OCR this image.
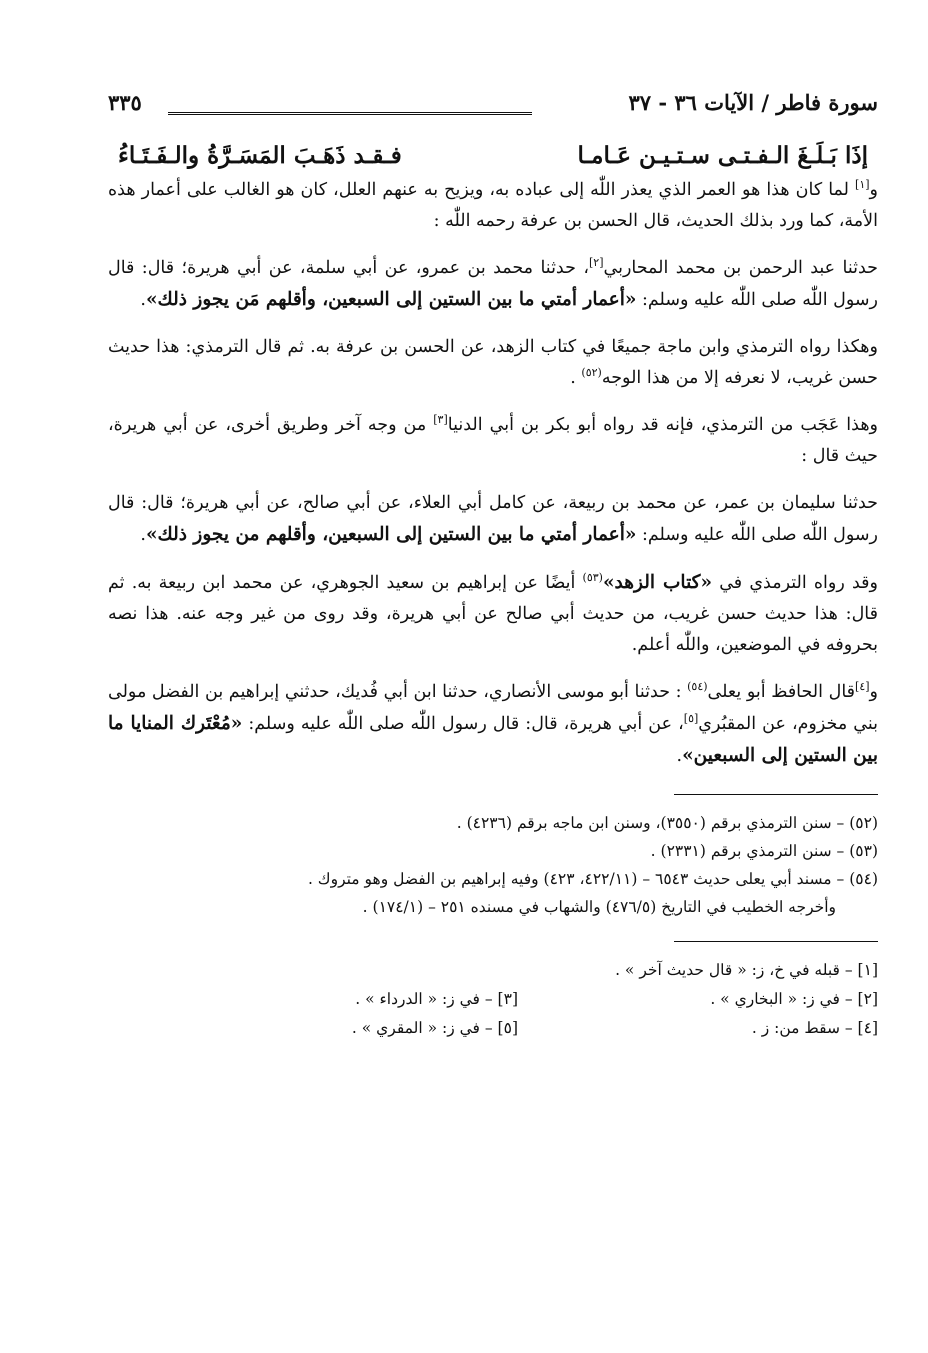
سورة فاطر / الآيات ٣٦ - ٣٧
٣٣٥
إذَا بَـلَـغَ الـفـتـى سـتـيـن عَـامـا
فـقـد ذَهَـبَ المَسَـرَّةُ والـفَـتَـاءُ

و[١] لما كان هذا هو العمر الذي يعذر اللّٰه إلى عباده به، ويزيح به عنهم العلل، كان هو الغالب على أعمار هذه الأمة، كما ورد بذلك الحديث، قال الحسن بن عرفة رحمه اللّٰه :

حدثنا عبد الرحمن بن محمد المحاربي[٢]، حدثنا محمد بن عمرو، عن أبي سلمة، عن أبي هريرة؛ قال: قال رسول اللّٰه صلى اللّٰه عليه وسلم: «أعمار أمتي ما بين الستين إلى السبعين، وأقلهم مَن يجوز ذلك».

وهكذا رواه الترمذي وابن ماجة جميعًا في كتاب الزهد، عن الحسن بن عرفة به. ثم قال الترمذي: هذا حديث حسن غريب، لا نعرفه إلا من هذا الوجه$^{(٥٢)}$ .

وهذا عَجَب من الترمذي، فإنه قد رواه أبو بكر بن أبي الدنيا[٣] من وجه آخر وطريق أخرى، عن أبي هريرة، حيث قال :

حدثنا سليمان بن عمر، عن محمد بن ربيعة، عن كامل أبي العلاء، عن أبي صالح، عن أبي هريرة؛ قال: قال رسول اللّٰه صلى اللّٰه عليه وسلم: «أعمار أمتي ما بين الستين إلى السبعين، وأقلهم من يجوز ذلك».

وقد رواه الترمذي في «كتاب الزهد»$^{(٥٣)}$ أيضًا عن إبراهيم بن سعيد الجوهري، عن محمد ابن ربيعة به. ثم قال: هذا حديث حسن غريب، من حديث أبي صالح عن أبي هريرة، وقد روى من غير وجه عنه. هذا نصه بحروفه في الموضعين، واللّٰه أعلم.

و[٤]قال الحافظ أبو يعلى$^{(٥٤)}$ : حدثنا أبو موسى الأنصاري، حدثنا ابن أبي فُديك، حدثني إبراهيم بن الفضل مولى بني مخزوم، عن المقبُري[٥]، عن أبي هريرة، قال: قال رسول اللّٰه صلى اللّٰه عليه وسلم: «مُعْتَرك المنايا ما بين الستين إلى السبعين».

(٥٢) – سنن الترمذي برقم (٣٥٥٠)، وسنن ابن ماجه برقم (٤٢٣٦) .

(٥٣) – سنن الترمذي برقم (٢٣٣١) .

(٥٤) – مسند أبي يعلى حديث ٦٥٤٣ – (٤٢٢/١١، ٤٢٣) وفيه إبراهيم بن الفضل وهو متروك .
وأخرجه الخطيب في التاريخ (٤٧٦/٥) والشهاب في مسنده ٢٥١ – (١٧٤/١) .

[١] – قبله في خ، ز: « قال حديث آخر » .
[٢] – في ز: « البخاري » .
[٣] – في ز: « الدرداء » .
[٤] – سقط من: ز .
[٥] – في ز: « المقري » .
